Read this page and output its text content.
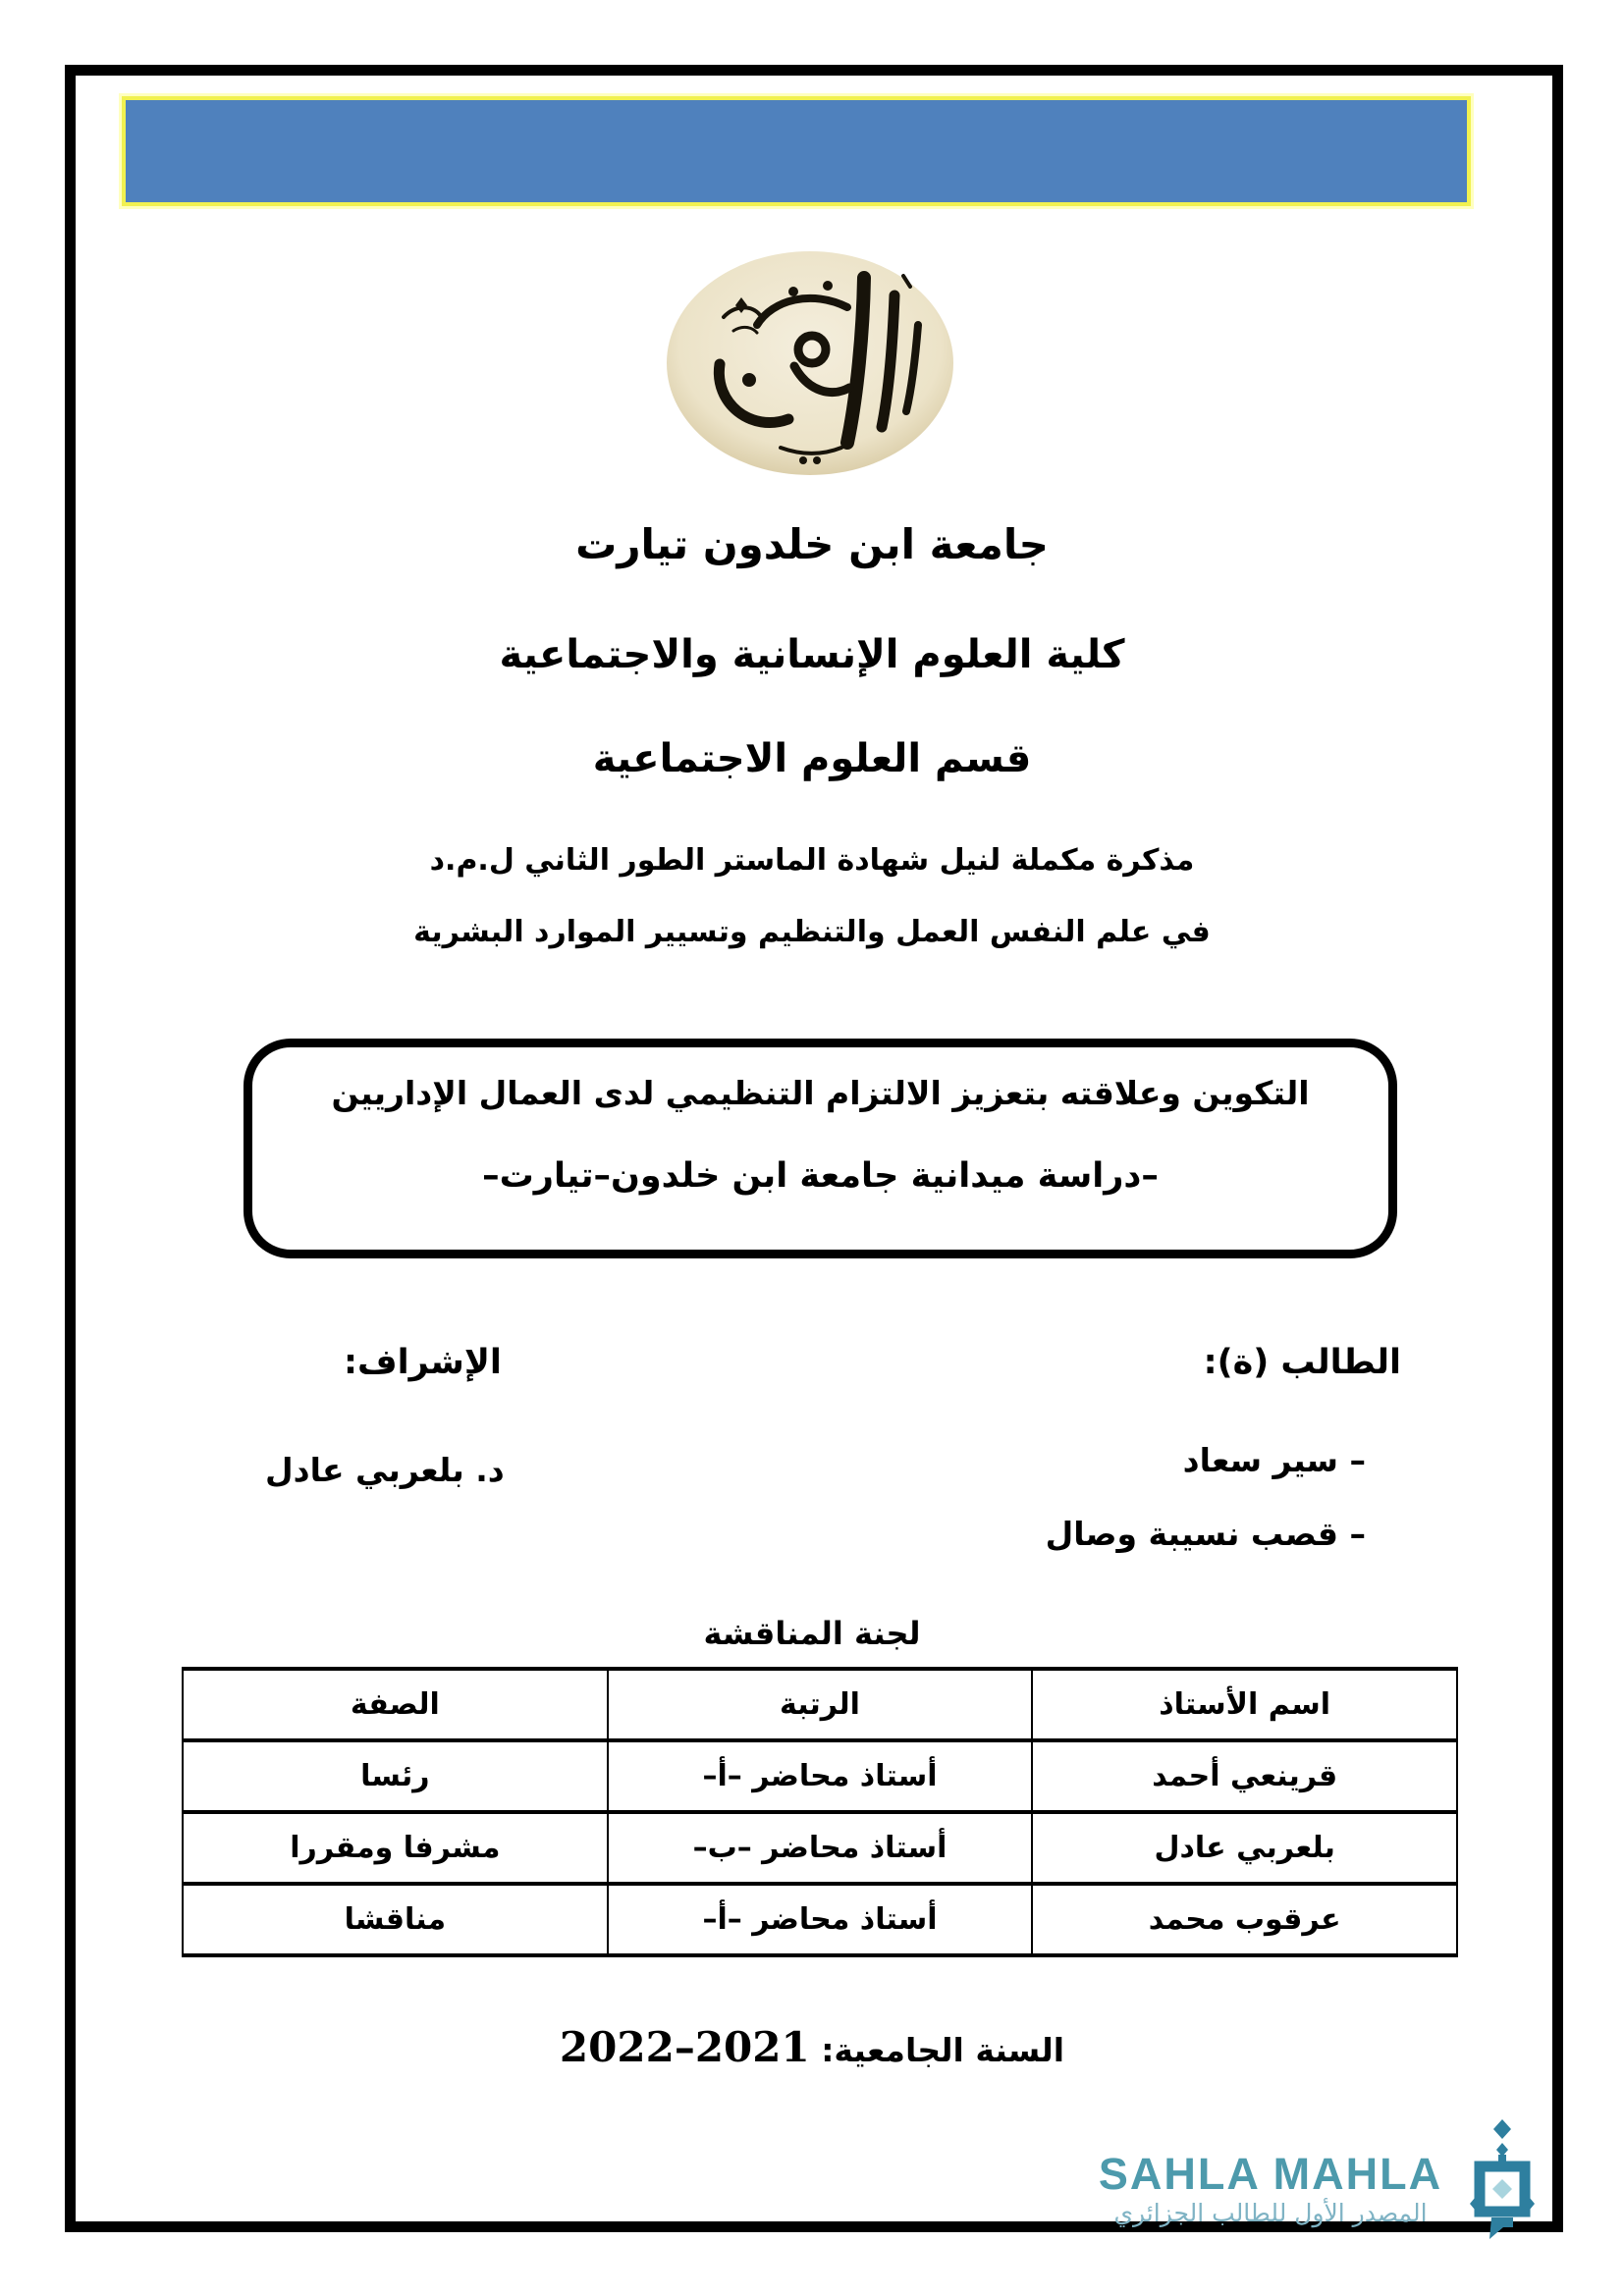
جامعة ابن خلدون تيارت
كلية العلوم الإنسانية والاجتماعية
قسم العلوم الاجتماعية
مذكرة مكملة لنيل شهادة الماستر الطور الثاني ل.م.د
في علم النفس العمل والتنظيم وتسيير الموارد البشرية
التكوين وعلاقته بتعزيز الالتزام التنظيمي لدى العمال الإداريين
–دراسة ميدانية جامعة ابن خلدون–تيارت–
الطالب (ة):
الإشراف:
– سير سعاد
– قصب نسيبة وصال
د. بلعربي عادل
لجنة المناقشة
اسم الأستاذ	الرتبة	الصفة
قرينعي أحمد	أستاذ محاضر –أ–	رئسا
بلعربي عادل	أستاذ محاضر –ب–	مشرفا ومقررا
عرقوب محمد	أستاذ محاضر –أ–	مناقشا
السنة الجامعية: 2021–2022
SAHLA MAHLA
المصدر الأول للطالب الجزائري
